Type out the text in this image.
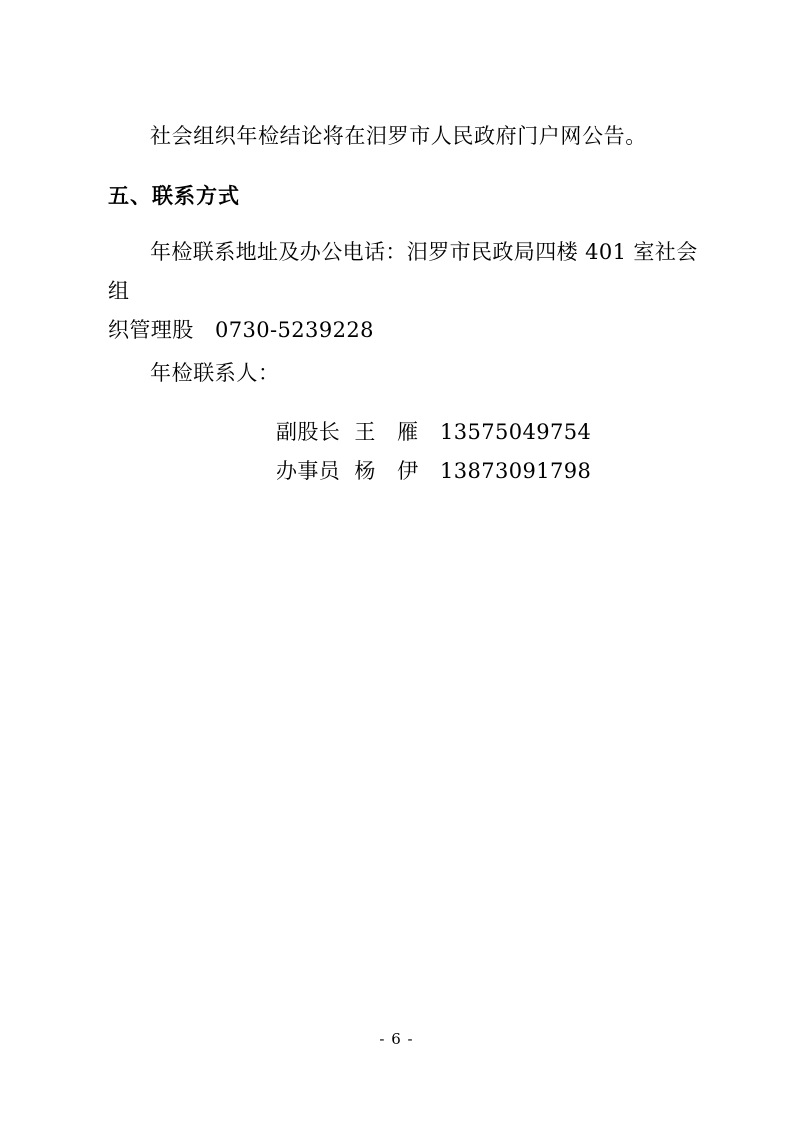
社会组织年检结论将在汨罗市人民政府门户网公告。

五、联系方式
年检联系地址及办公电话：汨罗市民政局四楼 401 室社会组
织管理股　0730-5239228

年检联系人：

副股长  王　雁　13575049754
办事员  杨　伊　13873091798
- 6 -
